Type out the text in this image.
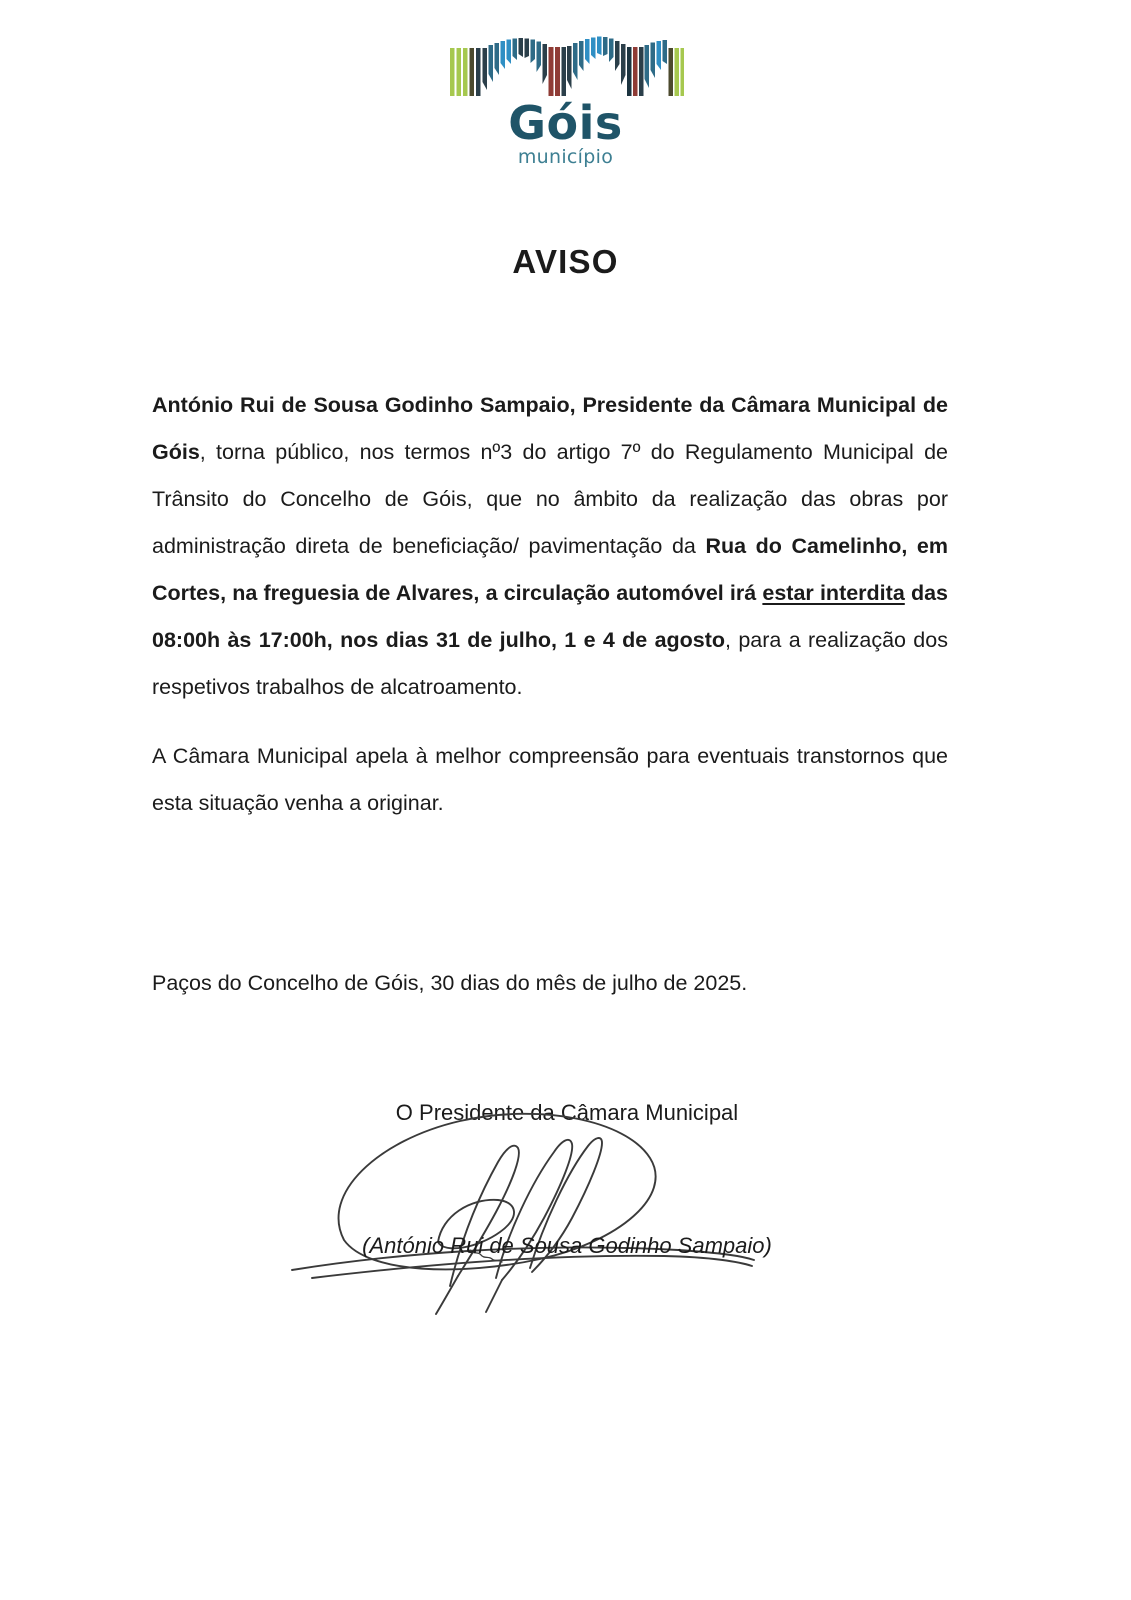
Góis
município
AVISO

António Rui de Sousa Godinho Sampaio, Presidente da Câmara Municipal de Góis, torna público, nos termos nº3 do artigo 7º do Regulamento Municipal de Trânsito do Concelho de Góis, que no âmbito da realização das obras por administração direta de beneficiação/ pavimentação da Rua do Camelinho, em Cortes, na freguesia de Alvares, a circulação automóvel irá estar interdita das 08:00h às 17:00h, nos dias 31 de julho, 1 e 4 de agosto, para a realização dos respetivos trabalhos de alcatroamento.

A Câmara Municipal apela à melhor compreensão para eventuais transtornos que esta situação venha a originar.

Paços do Concelho de Góis, 30 dias do mês de julho de 2025.
O Presidente da Câmara Municipal
(António Rui de Sousa Godinho Sampaio)
